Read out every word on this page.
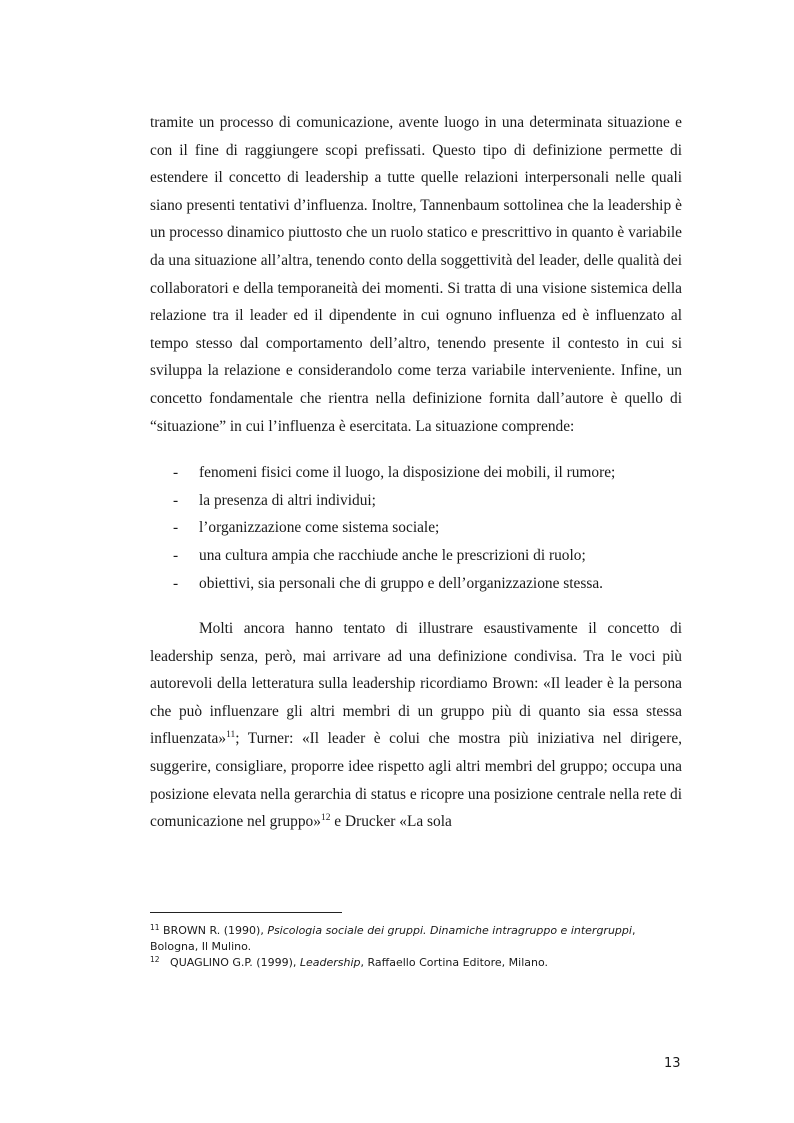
tramite un processo di comunicazione, avente luogo in una determinata situazione e con il fine di raggiungere scopi prefissati. Questo tipo di definizione permette di estendere il concetto di leadership a tutte quelle relazioni interpersonali nelle quali siano presenti tentativi d’influenza. Inoltre, Tannenbaum sottolinea che la leadership è un processo dinamico piuttosto che un ruolo statico e prescrittivo in quanto è variabile da una situazione all’altra, tenendo conto della soggettività del leader, delle qualità dei collaboratori e della temporaneità dei momenti. Si tratta di una visione sistemica della relazione tra il leader ed il dipendente in cui ognuno influenza ed è influenzato al tempo stesso dal comportamento dell’altro, tenendo presente il contesto in cui si sviluppa la relazione e considerandolo come terza variabile interveniente. Infine, un concetto fondamentale che rientra nella definizione fornita dall’autore è quello di “situazione” in cui l’influenza è esercitata. La situazione comprende:

- fenomeni fisici come il luogo, la disposizione dei mobili, il rumore;
- la presenza di altri individui;
- l’organizzazione come sistema sociale;
- una cultura ampia che racchiude anche le prescrizioni di ruolo;
- obiettivi, sia personali che di gruppo e dell’organizzazione stessa.

Molti ancora hanno tentato di illustrare esaustivamente il concetto di leadership senza, però, mai arrivare ad una definizione condivisa. Tra le voci più autorevoli della letteratura sulla leadership ricordiamo Brown: «Il leader è la persona che può influenzare gli altri membri di un gruppo più di quanto sia essa stessa influenzata»$^{11}$; Turner: «Il leader è colui che mostra più iniziativa nel dirigere, suggerire, consigliare, proporre idee rispetto agli altri membri del gruppo; occupa una posizione elevata nella gerarchia di status e ricopre una posizione centrale nella rete di comunicazione nel gruppo»$^{12}$ e Drucker «La sola

$^{11}$ BROWN R. (1990), Psicologia sociale dei gruppi. Dinamiche intragruppo e intergruppi, Bologna, Il Mulino.

$^{12}$ QUAGLINO G.P. (1999), Leadership, Raffaello Cortina Editore, Milano.

13
